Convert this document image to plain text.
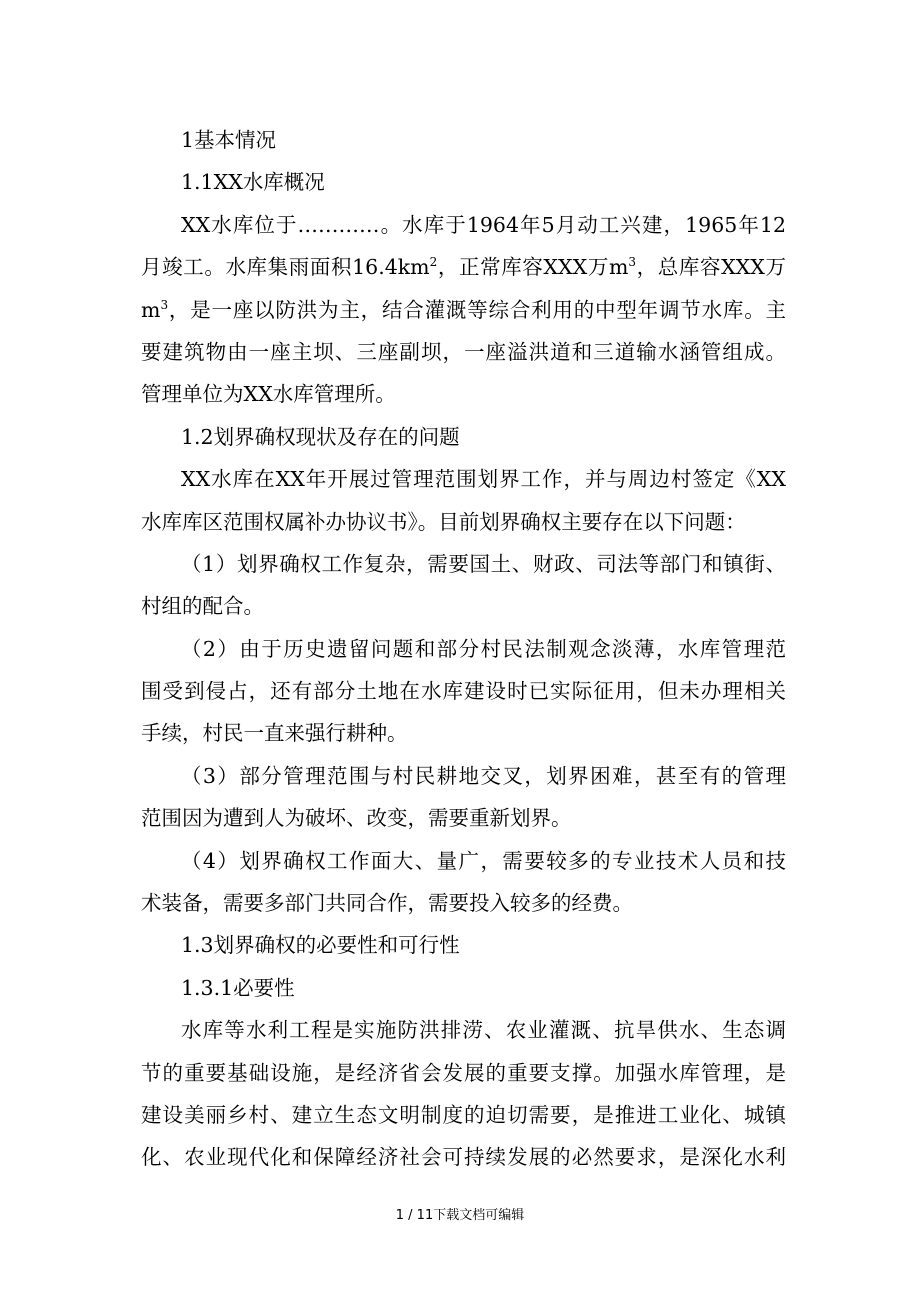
1基本情况
1.1XX水库概况
XX水库位于…………。水库于1964年5月动工兴建，1965年12
月竣工。水库集雨面积$16.4km^2$，正常库容XXX万$m^3$，总库容XXX万
$m^3$，是一座以防洪为主，结合灌溉等综合利用的中型年调节水库。主
要建筑物由一座主坝、三座副坝，一座溢洪道和三道输水涵管组成。
管理单位为XX水库管理所。
1.2划界确权现状及存在的问题
XX水库在XX年开展过管理范围划界工作，并与周边村签定《XX
水库库区范围权属补办协议书》。目前划界确权主要存在以下问题：
（1）划界确权工作复杂，需要国土、财政、司法等部门和镇街、
村组的配合。
（2）由于历史遗留问题和部分村民法制观念淡薄，水库管理范
围受到侵占，还有部分土地在水库建设时已实际征用，但未办理相关
手续，村民一直来强行耕种。
（3）部分管理范围与村民耕地交叉，划界困难，甚至有的管理
范围因为遭到人为破坏、改变，需要重新划界。
（4）划界确权工作面大、量广，需要较多的专业技术人员和技
术装备，需要多部门共同合作，需要投入较多的经费。
1.3划界确权的必要性和可行性
1.3.1必要性
水库等水利工程是实施防洪排涝、农业灌溉、抗旱供水、生态调
节的重要基础设施，是经济省会发展的重要支撑。加强水库管理，是
建设美丽乡村、建立生态文明制度的迫切需要，是推进工业化、城镇
化、农业现代化和保障经济社会可持续发展的必然要求，是深化水利
1 / 11下载文档可编辑
